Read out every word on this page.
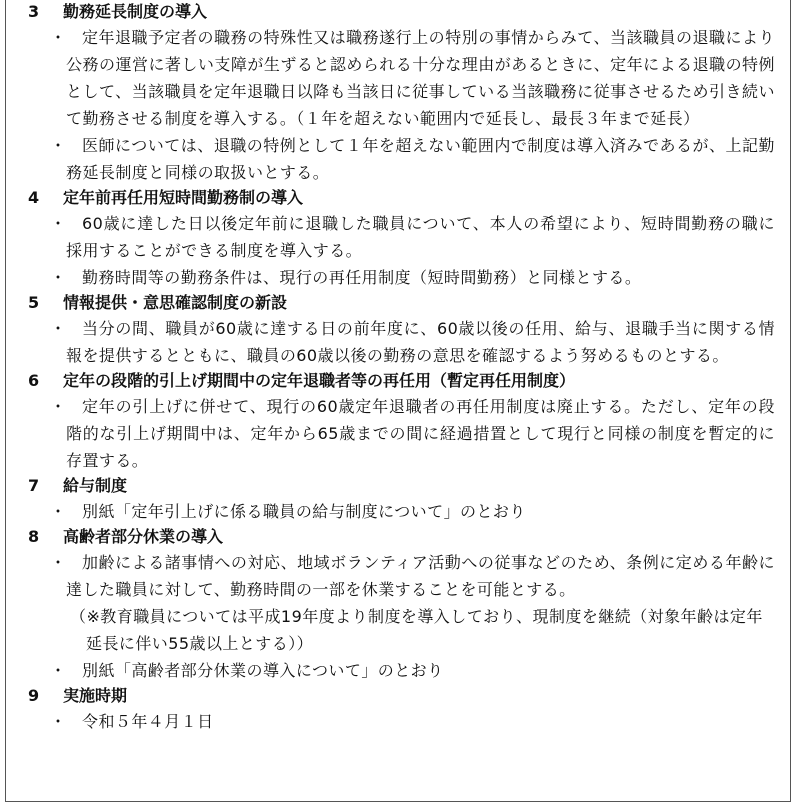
3	勤務延長制度の導入
・ 定年退職予定者の職務の特殊性又は職務遂行上の特別の事情からみて、当該職員の退職により公務の運営に著しい支障が生ずると認められる十分な理由があるときに、定年による退職の特例として、当該職員を定年退職日以降も当該日に従事している当該職務に従事させるため引き続いて勤務させる制度を導入する。（１年を超えない範囲内で延長し、最長３年まで延長）
・ 医師については、退職の特例として１年を超えない範囲内で制度は導入済みであるが、上記勤務延長制度と同様の取扱いとする。
4	定年前再任用短時間勤務制の導入
・ 60歳に達した日以後定年前に退職した職員について、本人の希望により、短時間勤務の職に採用することができる制度を導入する。
・ 勤務時間等の勤務条件は、現行の再任用制度（短時間勤務）と同様とする。
5	情報提供・意思確認制度の新設
・ 当分の間、職員が60歳に達する日の前年度に、60歳以後の任用、給与、退職手当に関する情報を提供するとともに、職員の60歳以後の勤務の意思を確認するよう努めるものとする。
6	定年の段階的引上げ期間中の定年退職者等の再任用（暫定再任用制度）
・ 定年の引上げに併せて、現行の60歳定年退職者の再任用制度は廃止する。ただし、定年の段階的な引上げ期間中は、定年から65歳までの間に経過措置として現行と同様の制度を暫定的に存置する。
7	給与制度
・ 別紙「定年引上げに係る職員の給与制度について」のとおり
8	高齢者部分休業の導入
・ 加齢による諸事情への対応、地域ボランティア活動への従事などのため、条例に定める年齢に達した職員に対して、勤務時間の一部を休業することを可能とする。
（※教育職員については平成19年度より制度を導入しており、現制度を継続（対象年齢は定年延長に伴い55歳以上とする））
・ 別紙「高齢者部分休業の導入について」のとおり
9	実施時期
・ 令和５年４月１日
